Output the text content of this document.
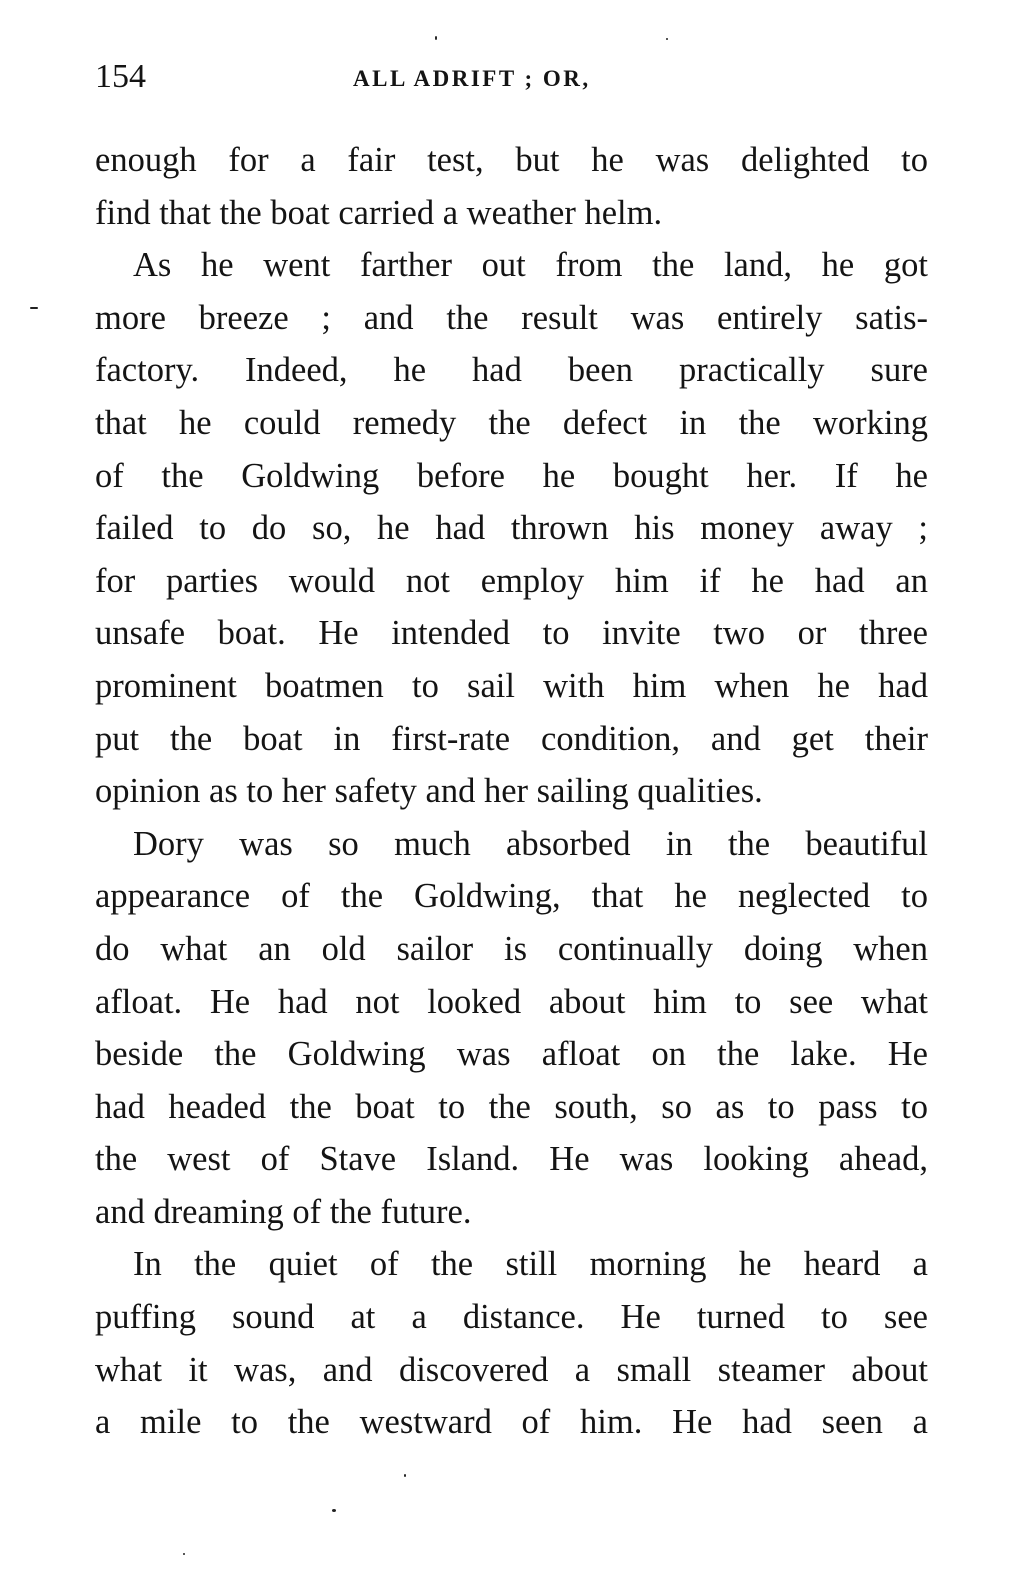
154	ALL ADRIFT ; OR,
enough for a fair test, but he was delighted to
find that the boat carried a weather helm.
As he went farther out from the land, he got
more breeze ; and the result was entirely satis-
factory. Indeed, he had been practically sure
that he could remedy the defect in the working
of the Goldwing before he bought her. If he
failed to do so, he had thrown his money away ;
for parties would not employ him if he had an
unsafe boat. He intended to invite two or three
prominent boatmen to sail with him when he had
put the boat in first-rate condition, and get their
opinion as to her safety and her sailing qualities.
Dory was so much absorbed in the beautiful
appearance of the Goldwing, that he neglected to
do what an old sailor is continually doing when
afloat. He had not looked about him to see what
beside the Goldwing was afloat on the lake. He
had headed the boat to the south, so as to pass to
the west of Stave Island. He was looking ahead,
and dreaming of the future.
In the quiet of the still morning he heard a
puffing sound at a distance. He turned to see
what it was, and discovered a small steamer about
a mile to the westward of him. He had seen a
